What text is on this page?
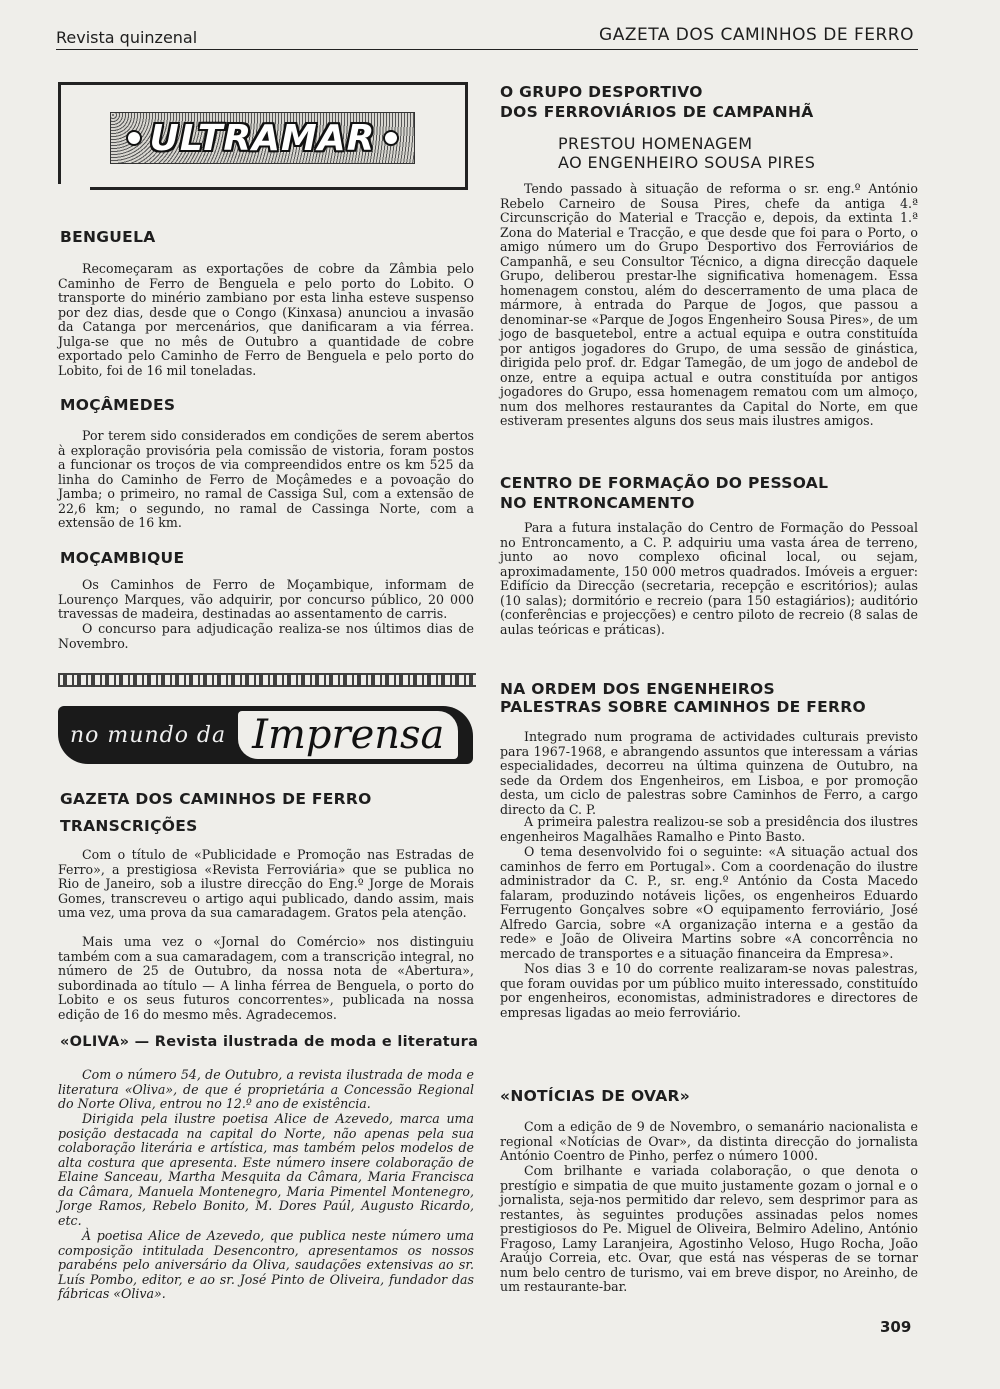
Revista quinzenal	GAZETA DOS CAMINHOS DE FERRO
ULTRAMAR
BENGUELA

Recomeçaram as exportações de cobre da Zâmbia pelo Caminho de Ferro de Benguela e pelo porto do Lobito. O transporte do minério zambiano por esta linha esteve suspenso por dez dias, desde que o Congo (Kinxasa) anunciou a invasão da Catanga por mercenários, que danificaram a via férrea. Julga-se que no mês de Outubro a quantidade de cobre exportado pelo Caminho de Ferro de Benguela e pelo porto do Lobito, foi de 16 mil toneladas.

MOÇÂMEDES

Por terem sido considerados em condições de serem abertos à exploração provisória pela comissão de vistoria, foram postos a funcionar os troços de via compreendidos entre os km 525 da linha do Caminho de Ferro de Moçâmedes e a povoação do Jamba; o primeiro, no ramal de Cassiga Sul, com a extensão de 22,6 km; o segundo, no ramal de Cassinga Norte, com a extensão de 16 km.

MOÇAMBIQUE

Os Caminhos de Ferro de Moçambique, informam de Lourenço Marques, vão adquirir, por concurso público, 20 000 travessas de madeira, destinadas ao assentamento de carris.

O concurso para adjudicação realiza-se nos últimos dias de Novembro.

no mundo da Imprensa
GAZETA DOS CAMINHOS DE FERRO
TRANSCRIÇÕES

Com o título de «Publicidade e Promoção nas Estradas de Ferro», a prestigiosa «Revista Ferroviária» que se publica no Rio de Janeiro, sob a ilustre direcção do Eng.º Jorge de Morais Gomes, transcreveu o artigo aqui publicado, dando assim, mais uma vez, uma prova da sua camaradagem. Gratos pela atenção.

Mais uma vez o «Jornal do Comércio» nos distinguiu também com a sua camaradagem, com a transcrição integral, no número de 25 de Outubro, da nossa nota de «Abertura», subordinada ao título — A linha férrea de Benguela, o porto do Lobito e os seus futuros concorrentes», publicada na nossa edição de 16 do mesmo mês. Agradecemos.

«OLIVA» — Revista ilustrada de moda e literatura

Com o número 54, de Outubro, a revista ilustrada de moda e literatura «Oliva», de que é proprietária a Concessão Regional do Norte Oliva, entrou no 12.º ano de existência.

Dirigida pela ilustre poetisa Alice de Azevedo, marca uma posição destacada na capital do Norte, não apenas pela sua colaboração literária e artística, mas também pelos modelos de alta costura que apresenta. Este número insere colaboração de Elaine Sanceau, Martha Mesquita da Câmara, Maria Francisca da Câmara, Manuela Montenegro, Maria Pimentel Montenegro, Jorge Ramos, Rebelo Bonito, M. Dores Paúl, Augusto Ricardo, etc.

À poetisa Alice de Azevedo, que publica neste número uma composição intitulada Desencontro, apresentamos os nossos parabéns pelo aniversário da Oliva, saudações extensivas ao sr. Luís Pombo, editor, e ao sr. José Pinto de Oliveira, fundador das fábricas «Oliva».

O GRUPO DESPORTIVO
DOS FERROVIÁRIOS DE CAMPANHÃ
PRESTOU HOMENAGEM
AO ENGENHEIRO SOUSA PIRES

Tendo passado à situação de reforma o sr. eng.º António Rebelo Carneiro de Sousa Pires, chefe da antiga 4.ª Circunscrição do Material e Tracção e, depois, da extinta 1.ª Zona do Material e Tracção, e que desde que foi para o Porto, o amigo número um do Grupo Desportivo dos Ferroviários de Campanhã, e seu Consultor Técnico, a digna direcção daquele Grupo, deliberou prestar-lhe significativa homenagem. Essa homenagem constou, além do descerramento de uma placa de mármore, à entrada do Parque de Jogos, que passou a denominar-se «Parque de Jogos Engenheiro Sousa Pires», de um jogo de basquetebol, entre a actual equipa e outra constituída por antigos jogadores do Grupo, de uma sessão de ginástica, dirigida pelo prof. dr. Edgar Tamegão, de um jogo de andebol de onze, entre a equipa actual e outra constituída por antigos jogadores do Grupo, essa homenagem rematou com um almoço, num dos melhores restaurantes da Capital do Norte, em que estiveram presentes alguns dos seus mais ilustres amigos.

CENTRO DE FORMAÇÃO DO PESSOAL
NO ENTRONCAMENTO

Para a futura instalação do Centro de Formação do Pessoal no Entroncamento, a C. P. adquiriu uma vasta área de terreno, junto ao novo complexo oficinal local, ou sejam, aproximadamente, 150 000 metros quadrados. Imóveis a erguer: Edifício da Direcção (secretaria, recepção e escritórios); aulas (10 salas); dormitório e recreio (para 150 estagiários); auditório (conferências e projecções) e centro piloto de recreio (8 salas de aulas teóricas e práticas).

NA ORDEM DOS ENGENHEIROS
PALESTRAS SOBRE CAMINHOS DE FERRO

Integrado num programa de actividades culturais previsto para 1967-1968, e abrangendo assuntos que interessam a várias especialidades, decorreu na última quinzena de Outubro, na sede da Ordem dos Engenheiros, em Lisboa, e por promoção desta, um ciclo de palestras sobre Caminhos de Ferro, a cargo directo da C. P.

A primeira palestra realizou-se sob a presidência dos ilustres engenheiros Magalhães Ramalho e Pinto Basto.

O tema desenvolvido foi o seguinte: «A situação actual dos caminhos de ferro em Portugal». Com a coordenação do ilustre administrador da C. P., sr. eng.º António da Costa Macedo falaram, produzindo notáveis lições, os engenheiros Eduardo Ferrugento Gonçalves sobre «O equipamento ferroviário, José Alfredo Garcia, sobre «A organização interna e a gestão da rede» e João de Oliveira Martins sobre «A concorrência no mercado de transportes e a situação financeira da Empresa».

Nos dias 3 e 10 do corrente realizaram-se novas palestras, que foram ouvidas por um público muito interessado, constituído por engenheiros, economistas, administradores e directores de empresas ligadas ao meio ferroviário.

«NOTÍCIAS DE OVAR»

Com a edição de 9 de Novembro, o semanário nacionalista e regional «Notícias de Ovar», da distinta direcção do jornalista António Coentro de Pinho, perfez o número 1000.

Com brilhante e variada colaboração, o que denota o prestígio e simpatia de que muito justamente gozam o jornal e o jornalista, seja-nos permitido dar relevo, sem desprimor para as restantes, às seguintes produções assinadas pelos nomes prestigiosos do Pe. Miguel de Oliveira, Belmiro Adelino, António Fragoso, Lamy Laranjeira, Agostinho Veloso, Hugo Rocha, João Araújo Correia, etc. Ovar, que está nas vésperas de se tornar num belo centro de turismo, vai em breve dispor, no Areinho, de um restaurante-bar.

309
